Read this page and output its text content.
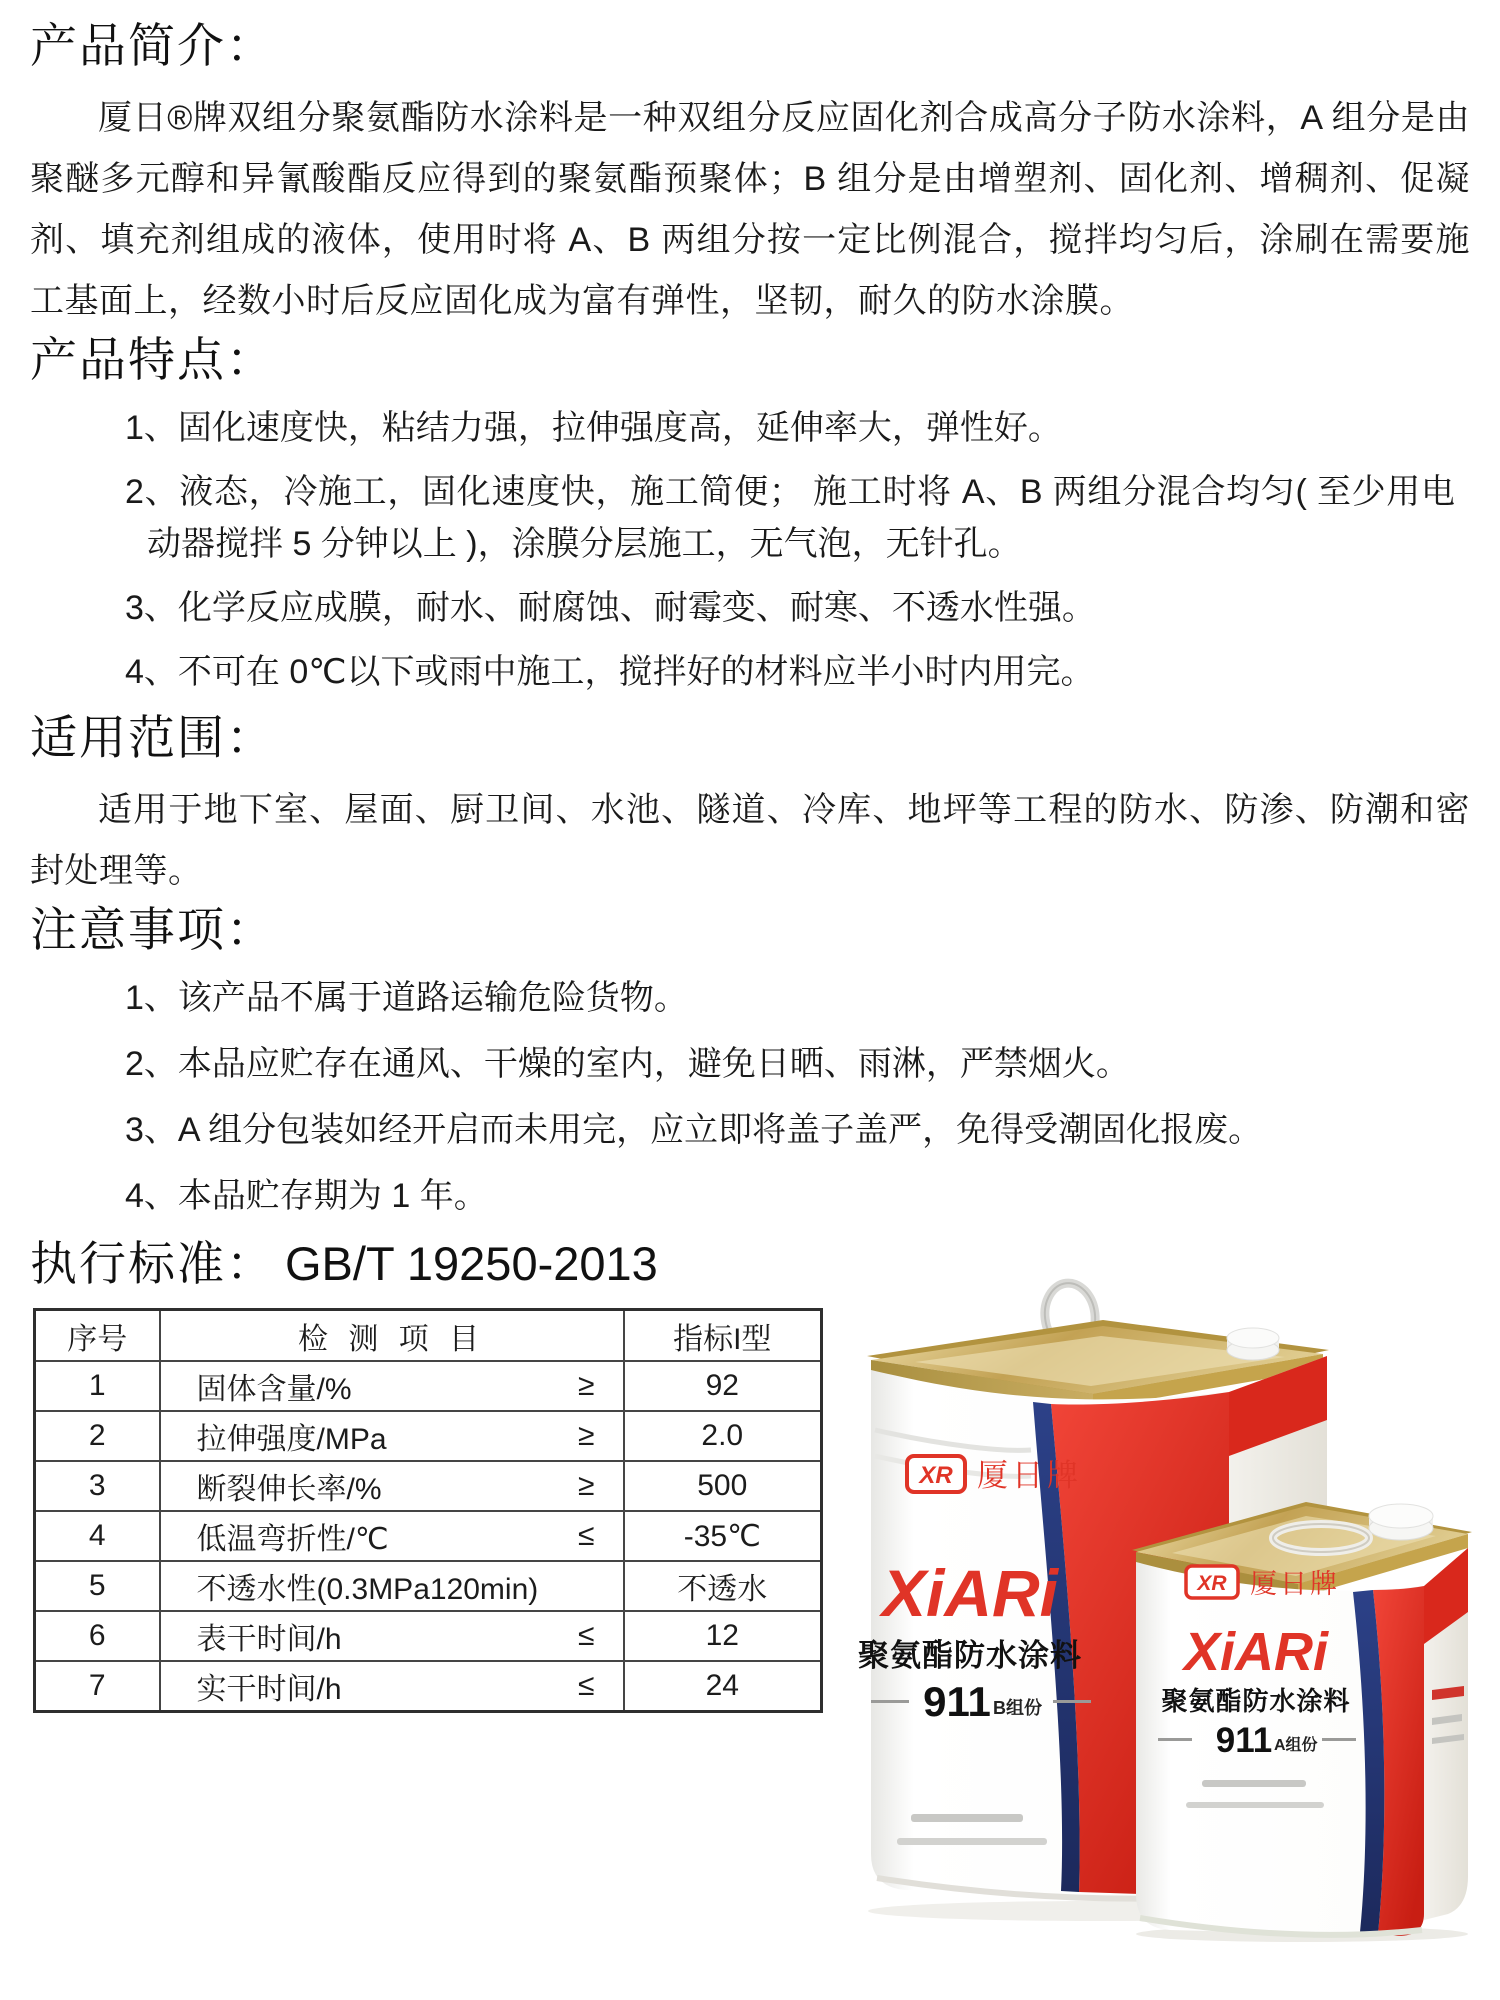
产品简介：

厦日®牌双组分聚氨酯防水涂料是一种双组分反应固化剂合成高分子防水涂料，A 组分是由聚醚多元醇和异氰酸酯反应得到的聚氨酯预聚体；B 组分是由增塑剂、固化剂、增稠剂、促凝剂、填充剂组成的液体，使用时将 A、B 两组分按一定比例混合，搅拌均匀后，涂刷在需要施工基面上，经数小时后反应固化成为富有弹性，坚韧，耐久的防水涂膜。

产品特点：
1、固化速度快，粘结力强，拉伸强度高，延伸率大，弹性好。
2、液态，冷施工，固化速度快，施工简便； 施工时将 A、B 两组分混合均匀( 至少用电动器搅拌 5 分钟以上 )，涂膜分层施工，无气泡，无针孔。
3、化学反应成膜，耐水、耐腐蚀、耐霉变、耐寒、不透水性强。
4、不可在 0℃以下或雨中施工，搅拌好的材料应半小时内用完。
适用范围：

适用于地下室、屋面、厨卫间、水池、隧道、冷库、地坪等工程的防水、防渗、防潮和密封处理等。

注意事项：
1、该产品不属于道路运输危险货物。
2、本品应贮存在通风、干燥的室内，避免日晒、雨淋，严禁烟火。
3、A 组分包装如经开启而未用完，应立即将盖子盖严，免得受潮固化报废。
4、本品贮存期为 1 年。
执行标准： GB/T 19250-2013
序号	检 测 项 目	指标I型
1	固体含量/% ≥	92
2	拉伸强度/MPa ≥	2.0
3	断裂伸长率/% ≥	500
4	低温弯折性/℃ ≤	-35℃
5	不透水性(0.3MPa120min)	不透水
6	表干时间/h ≤	12
7	实干时间/h ≤	24
XR 厦日牌
XiARi
聚氨酯防水涂料
911 B组份
XR 厦日牌
XiARi
聚氨酯防水涂料
911 A组份
